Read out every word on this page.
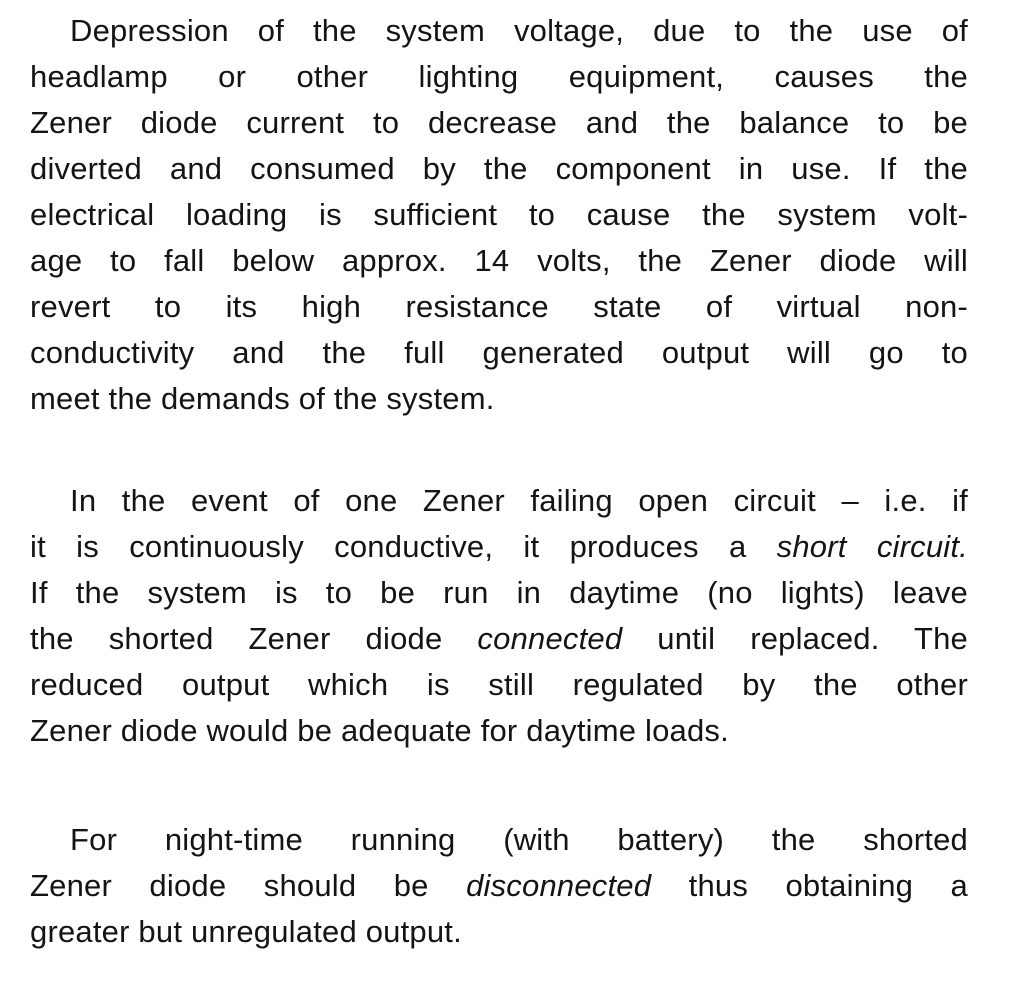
Depression of the system voltage, due to the use of
headlamp or other lighting equipment, causes the
Zener diode current to decrease and the balance to be
diverted and consumed by the component in use. If the
electrical loading is sufficient to cause the system volt-
age to fall below approx. 14 volts, the Zener diode will
revert to its high resistance state of virtual non-
conductivity and the full generated output will go to
meet the demands of the system.
In the event of one Zener failing open circuit – i.e. if
it is continuously conductive, it produces a short circuit.
If the system is to be run in daytime (no lights) leave
the shorted Zener diode connected until replaced. The
reduced output which is still regulated by the other
Zener diode would be adequate for daytime loads.
For night-time running (with battery) the shorted
Zener diode should be disconnected thus obtaining a
greater but unregulated output.
